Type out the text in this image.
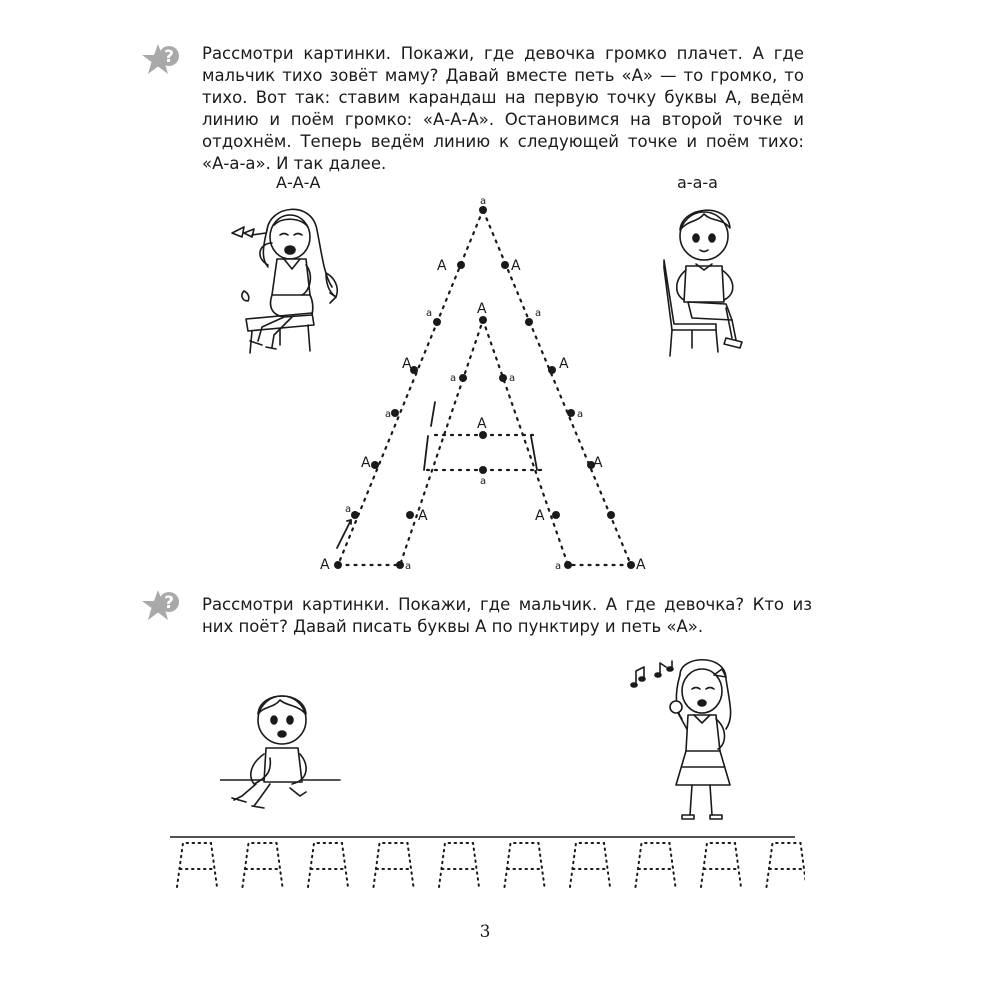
? Рассмотри картинки. Покажи, где девочка громко плачет. А где мальчик тихо зовёт маму? Давай вместе петь «А» — то громко, то тихо. Вот так: ставим карандаш на первую точку буквы А, ведём линию и поём громко: «А-А-А». Остановимся на второй точке и отдохнём. Теперь ведём линию к следующей точке и поём тихо: «А-а-а». И так далее.

А-А-А	а-а-а
А	А
А	А
А
А
А	А
А	А
А	А
а
а	а
а	а
а	а
а
а
а	а
? Рассмотри картинки. Покажи, где мальчик. А где девочка? Кто из них поёт? Давай писать буквы А по пунктиру и петь «А».

3
